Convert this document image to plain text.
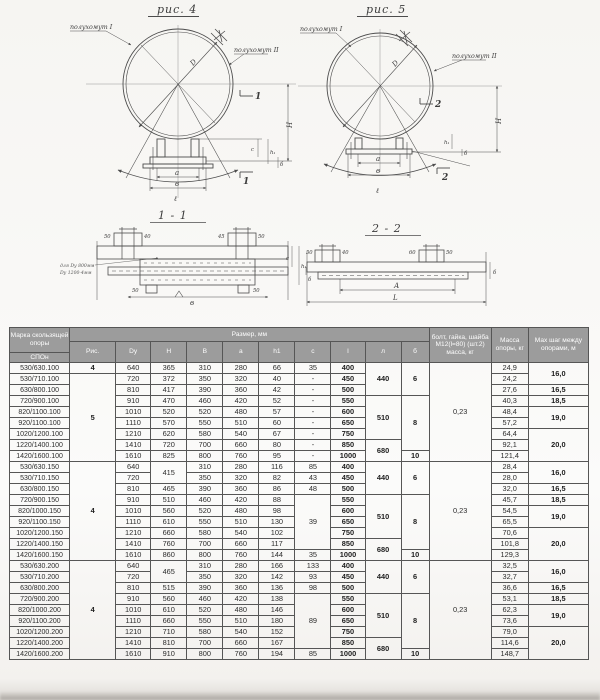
рис. 4
D
ℓ
полухомут I
полухомут II
1
1
а
в
Н
с	h₁
б
рис. 5
D
ℓ
полухомут I
полухомут II
2
2
а
в
Н
h₁
б
1 - 1
50	40	45	50
50	50
для Dy 800мм
Dy 1200-4мм
с
h₁
б
в
2 - 2
50	40	60	50
б
А
L
Марка скользящей опоры	Размер, мм										болт, гайка, шайба М12(l=80) (шт.2) масса, кг	Масса опоры, кг	Мах шаг между опорами, м
	Рис.	Dy	Н	В	а	h1	с	l	л	б			
СПОн													
530/630.100	4	640	365	310	280	66	35	400	440	6	0,23	24,9	16,0
530/710.100	5	720	372	350	320	40	-	450				24,2	
630/800.100		810	417	390	360	42	-	500				27,6	16,5
720/900.100		910	470	460	420	52	-	550	510	8		40,3	18,5
820/1100.100		1010	520	520	480	57	-	600				48,4	19,0
920/1100.100		1110	570	550	510	60	-	650				57,2	
1020/1200.100		1210	620	580	540	67	-	750				64,4	20,0
1220/1400.100		1410	720	700	660	80	-	850	680			92,1	
1420/1600.100		1610	825	800	760	95	-	1000		10		121,4	
530/630.150	4	640	415	310	280	116	85	400	440	6	0,23	28,4	16,0
530/710.150		720		350	320	82	43	450				28,0	
630/800.150		810	465	390	360	86	48	500				32,0	16,5
720/900.150		910	510	460	420	88	39	550	510	8		45,7	18,5
820/1000.150		1010	560	520	480	98		600				54,5	19,0
920/1100.150		1110	610	550	510	130		650				65,5	
1020/1200.150		1210	660	580	540	102		750				70,6	20,0
1220/1400.150		1410	760	700	660	117		850	680			101,8	
1420/1600.150		1610	860	800	760	144	35	1000		10		129,3	
530/630.200	4	640	465	310	280	166	133	400	440	6	0,23	32,5	16,0
530/710.200		720		350	320	142	93	450				32,7	
630/800.200		810	515	390	360	136	98	500				36,6	16,5
720/900.200		910	560	460	420	138	89	550	510	8		53,1	18,5
820/1000.200		1010	610	520	480	146		600				62,3	19,0
920/1100.200		1110	660	550	510	180		650				73,6	
1020/1200.200		1210	710	580	540	152		750				79,0	20,0
1220/1400.200		1410	810	700	660	167		850	680			114,6	
1420/1600.200		1610	910	800	760	194	85	1000		10		148,7	
